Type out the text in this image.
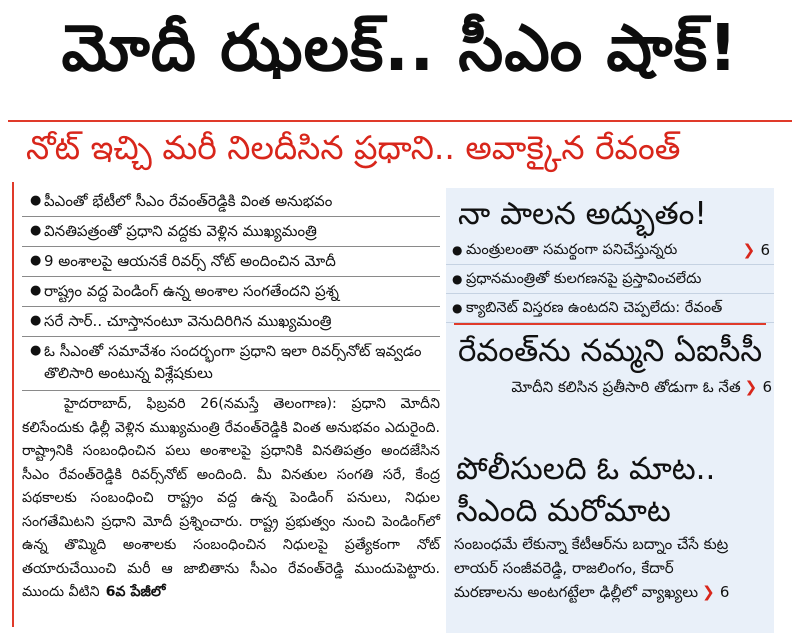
మోదీ ఝలక్.. సీఎం షాక్!
నోట్ ఇచ్చి మరీ నిలదీసిన ప్రధాని.. అవాక్కైన రేవంత్
● పీఎంతో భేటీలో సీఎం రేవంత్‌రెడ్డికి వింత అనుభవం
● వినతిపత్రంతో ప్రధాని వద్దకు వెళ్లిన ముఖ్యమంత్రి
● 9 అంశాలపై ఆయనకే రివర్స్ నోట్ అందించిన మోదీ
● రాష్ట్రం వద్ద పెండింగ్ ఉన్న అంశాల సంగతేందని ప్రశ్న
● సరే సార్.. చూస్తానంటూ వెనుదిరిగిన ముఖ్యమంత్రి
● ఓ సీఎంతో సమావేశం సందర్భంగా ప్రధాని ఇలా రివర్స్‌నోట్ ఇవ్వడం తొలిసారి అంటున్న విశ్లేషకులు
హైదరాబాద్, ఫిబ్రవరి 26(నమస్తే తెలంగాణ): ప్రధాని మోదీని కలిసేందుకు ఢిల్లీ వెళ్లిన ముఖ్యమంత్రి రేవంత్‌రెడ్డికి వింత అనుభవం ఎదురైంది. రాష్ట్రానికి సంబంధించిన పలు అంశాలపై ప్రధానికి వినతిపత్రం అందజేసిన సీఎం రేవంత్‌రెడ్డికి రివర్స్‌నోట్ అందింది. మీ వినతుల సంగతి సరే, కేంద్ర పథకాలకు సంబంధించి రాష్ట్రం వద్ద ఉన్న పెండింగ్ పనులు, నిధుల సంగతేమిటని ప్రధాని మోదీ ప్రశ్నించారు. రాష్ట్ర ప్రభుత్వం నుంచి పెండింగ్‌లో ఉన్న తొమ్మిది అంశాలకు సంబంధించిన నిధులపై ప్రత్యేకంగా నోట్ తయారుచేయించి మరీ ఆ జాబితాను సీఎం రేవంత్‌రెడ్డి ముందుపెట్టారు. ముందు వీటిని 6వ పేజీలో
నా పాలన అద్భుతం!
● మంత్రులంతా సమర్థంగా పనిచేస్తున్నరు	❯ 6
● ప్రధానమంత్రితో కులగణనపై ప్రస్తావించలేదు
● క్యాబినెట్ విస్తరణ ఉంటదని చెప్పలేదు: రేవంత్
రేవంత్‌ను నమ్మని ఏఐసీసీ
మోదీని కలిసిన ప్రతీసారి తోడుగా ఓ నేత ❯ 6
పోలీసులది ఓ మాట..
సీఎంది మరోమాట
సంబంధమే లేకున్నా కేటీఆర్‌ను బద్నాం చేసే కుట్ర
లాయర్ సంజీవరెడ్డి, రాజలింగం, కేదార్
మరణాలను అంటగట్టేలా ఢిల్లీలో వ్యాఖ్యలు ❯ 6
